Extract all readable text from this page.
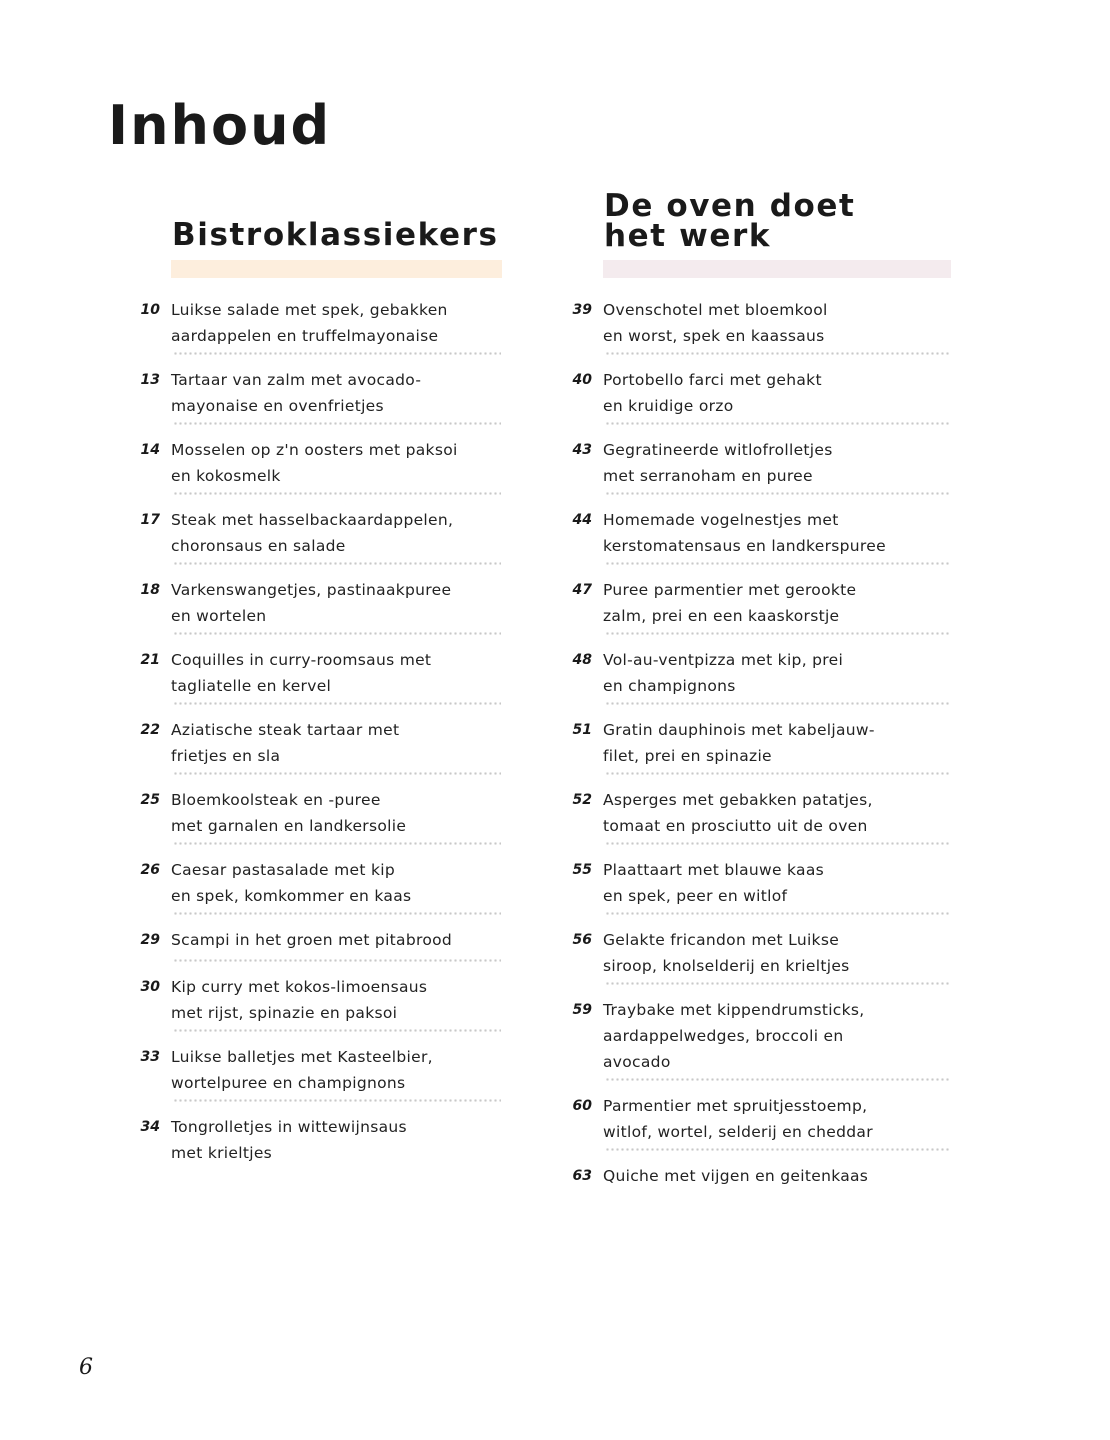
Inhoud
Bistroklassiekers
10 Luikse salade met spek, gebakken
aardappelen en truffelmayonaise
13 Tartaar van zalm met avocado-
mayonaise en ovenfrietjes
14 Mosselen op z'n oosters met paksoi
en kokosmelk
17 Steak met hasselbackaardappelen,
choronsaus en salade
18 Varkenswangetjes, pastinaakpuree
en wortelen
21 Coquilles in curry-roomsaus met
tagliatelle en kervel
22 Aziatische steak tartaar met
frietjes en sla
25 Bloemkoolsteak en -puree
met garnalen en landkersolie
26 Caesar pastasalade met kip
en spek, komkommer en kaas
29 Scampi in het groen met pitabrood
30 Kip curry met kokos-limoensaus
met rijst, spinazie en paksoi
33 Luikse balletjes met Kasteelbier,
wortelpuree en champignons
34 Tongrolletjes in wittewijnsaus
met krieltjes
De oven doet
het werk
39 Ovenschotel met bloemkool
en worst, spek en kaassaus
40 Portobello farci met gehakt
en kruidige orzo
43 Gegratineerde witlofrolletjes
met serranoham en puree
44 Homemade vogelnestjes met
kerstomatensaus en landkerspuree
47 Puree parmentier met gerookte
zalm, prei en een kaaskorstje
48 Vol-au-ventpizza met kip, prei
en champignons
51 Gratin dauphinois met kabeljauw-
filet, prei en spinazie
52 Asperges met gebakken patatjes,
tomaat en prosciutto uit de oven
55 Plaattaart met blauwe kaas
en spek, peer en witlof
56 Gelakte fricandon met Luikse
siroop, knolselderij en krieltjes
59 Traybake met kippendrumsticks,
aardappelwedges, broccoli en
avocado
60 Parmentier met spruitjesstoemp,
witlof, wortel, selderij en cheddar
63 Quiche met vijgen en geitenkaas
6
